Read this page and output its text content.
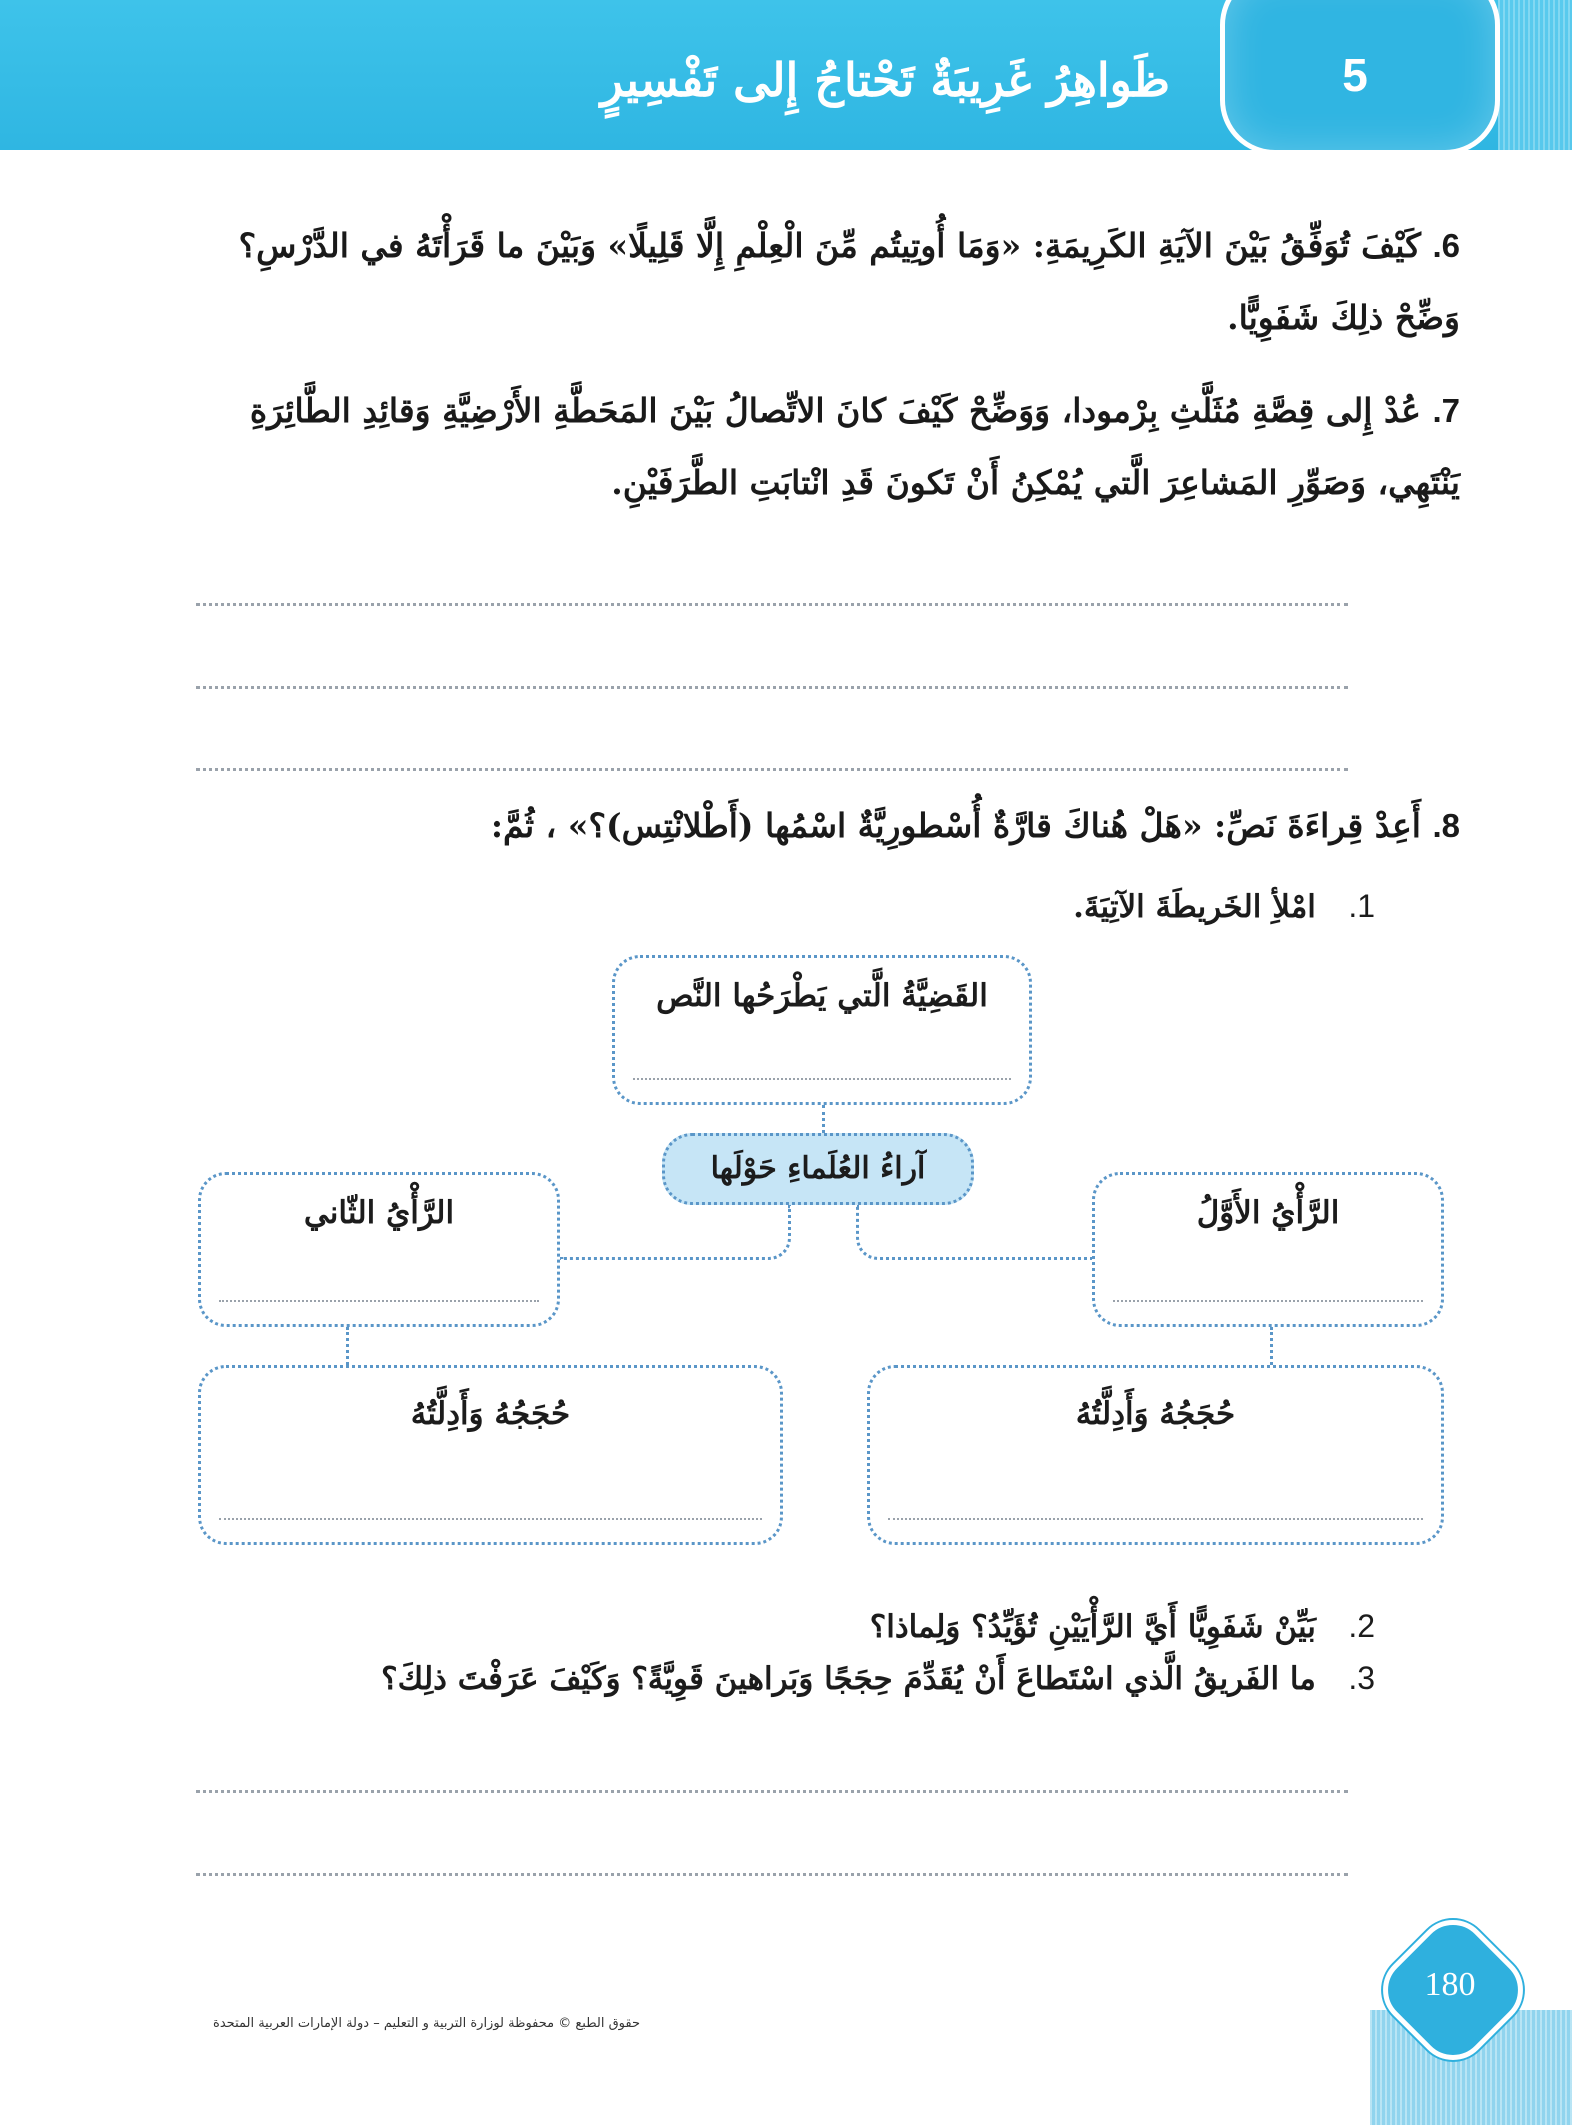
ظَواهِرُ غَرِيبَةٌ تَحْتاجُ إِلى تَفْسِيرٍ	5
6. كَيْفَ تُوَفِّقُ بَيْنَ الآيَةِ الكَرِيمَةِ: «وَمَا أُوتِيتُم مِّنَ الْعِلْمِ إِلَّا قَلِيلًا» وَبَيْنَ ما قَرَأْتَهُ في الدَّرْسِ؟ وَضِّحْ ذلِكَ شَفَوِيًّا.
7. عُدْ إِلى قِصَّةِ مُثَلَّثِ بِرْمودا، وَوَضِّحْ كَيْفَ كانَ الاتِّصالُ بَيْنَ المَحَطَّةِ الأَرْضِيَّةِ وَقائِدِ الطَّائِرَةِ يَنْتَهِي، وَصَوِّرِ المَشاعِرَ الَّتي يُمْكِنُ أَنْ تَكونَ قَدِ انْتابَتِ الطَّرَفَيْنِ.
8. أَعِدْ قِراءَةَ نَصِّ: «هَلْ هُناكَ قارَّةٌ أُسْطورِيَّةٌ اسْمُها (أَطْلانْتِس)؟» ، ثُمَّ:
1.   امْلأِ الخَريطَةَ الآتِيَةَ.
القَضِيَّةُ الَّتي يَطْرَحُها النَّص
آراءُ العُلَماءِ حَوْلَها
الرَّأْيُ الثّاني	الرَّأْيُ الأَوَّلُ
حُجَجُهُ وَأَدِلَّتُهُ	حُجَجُهُ وَأَدِلَّتُهُ
2.   بَيِّنْ شَفَوِيًّا أَيَّ الرَّأْيَيْنِ تُؤَيِّدُ؟ وَلِماذا؟
3.   ما الفَريقُ الَّذي اسْتَطاعَ أَنْ يُقَدِّمَ حِجَجًا وَبَراهينَ قَوِيَّةً؟ وَكَيْفَ عَرَفْتَ ذلِكَ؟
حقوق الطبع © محفوظة لوزارة التربية و التعليم – دولة الإمارات العربية المتحدة
180
